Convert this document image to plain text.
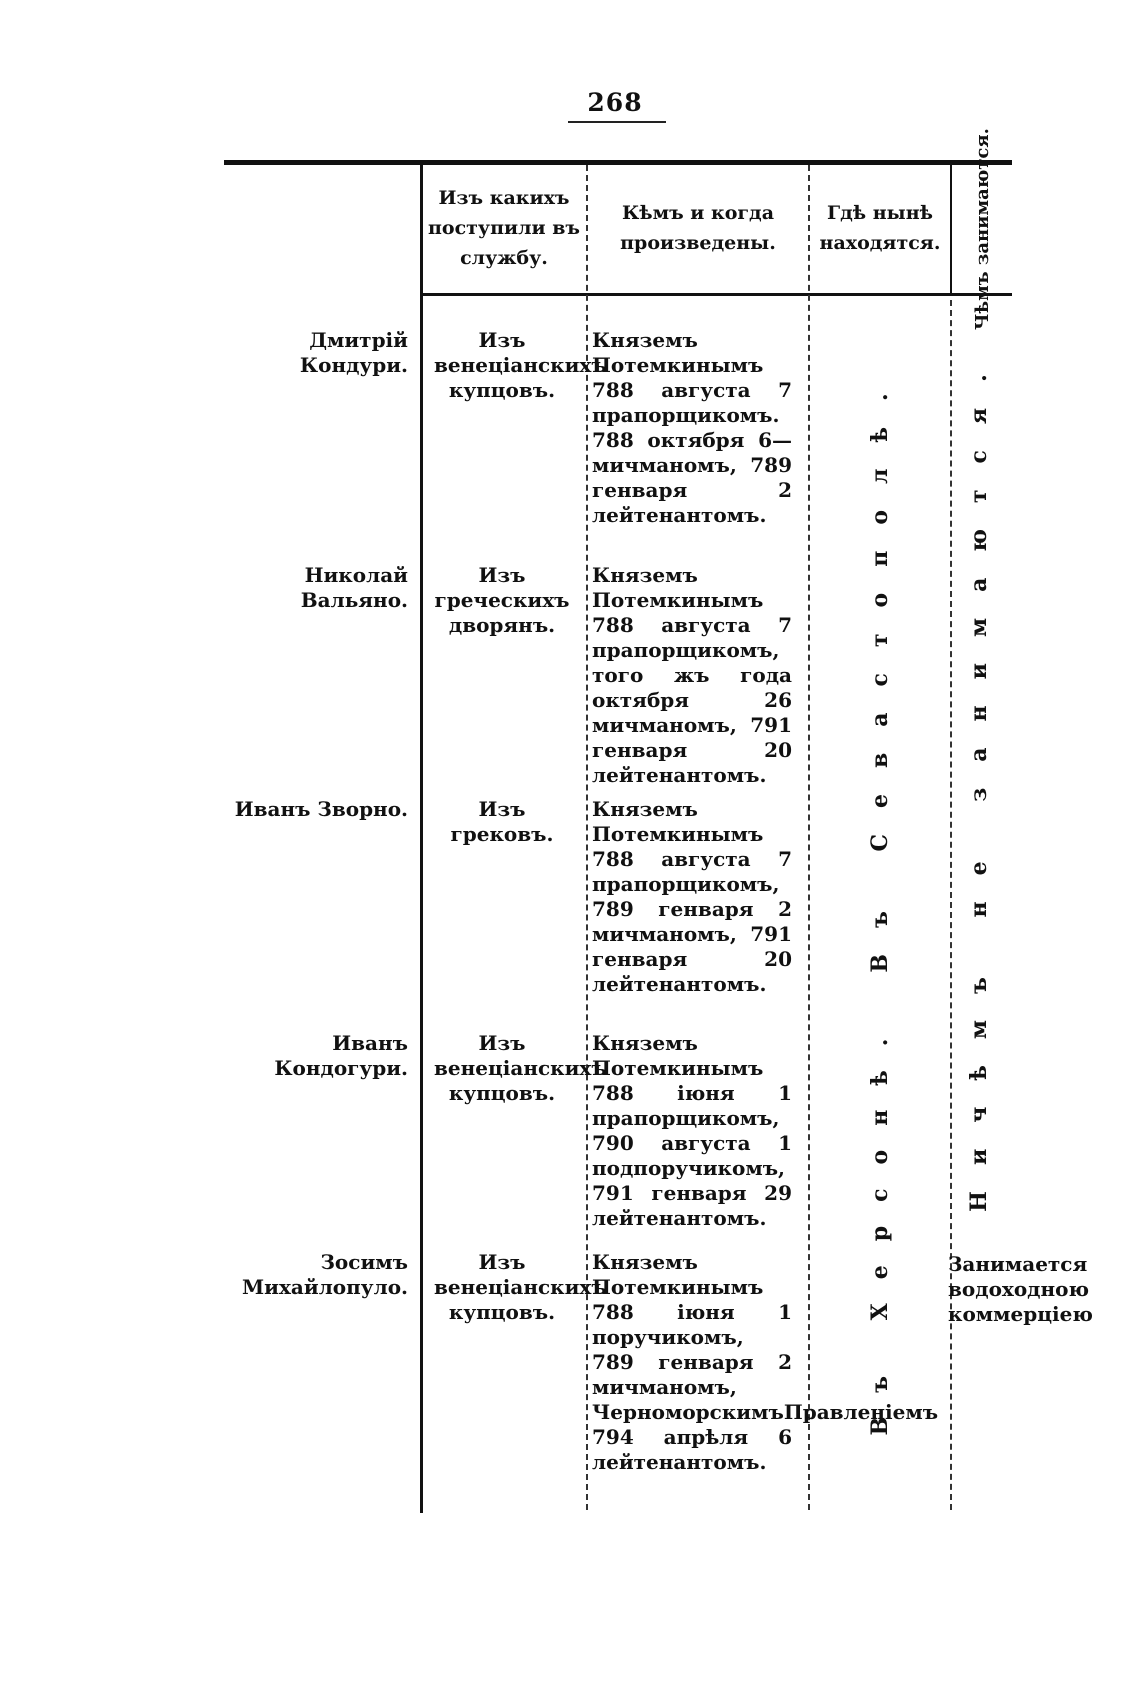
268
Изъ какихъ поступили въ службу.
Кѣмъ и когда произведены.
Гдѣ нынѣ находятся.	Чѣмъ занимаются.
Дмитрій Кондури.
Изъ венеціанскихъ купцовъ.
Княземъ Потемкинымъ 788 августа 7 прапорщикомъ. 788 октября 6—мичманомъ, 789 генваря 2 лейтенантомъ.
Николай Вальяно.
Изъ греческихъ дворянъ.
Княземъ Потемкинымъ 788 августа 7 прапорщикомъ, того жъ года октября 26 мичманомъ, 791 генваря 20 лейтенантомъ.
Иванъ Зворно.	Изъ грековъ.
Княземъ Потемкинымъ 788 августа 7 прапорщикомъ, 789 генваря 2 мичманомъ, 791 генваря 20 лейтенантомъ.
Иванъ Кондогури.
Изъ венеціанскихъ купцовъ.
Княземъ Потемкинымъ 788 іюня 1 прапорщикомъ, 790 августа 1 подпоручикомъ, 791 генваря 29 лейтенантомъ.
Зосимъ Михайлопуло.
Изъ венеціанскихъ купцовъ.
Княземъ Потемкинымъ 788 іюня 1 поручикомъ, 789 генваря 2 мичманомъ, ЧерноморскимъПравленіемъ 794 апрѣля 6 лейтенантомъ.
Занимается водоходною коммерціею
Въ Севастополѣ.
Въ Херсонѣ.
Ничѣмъ не занимаются.
